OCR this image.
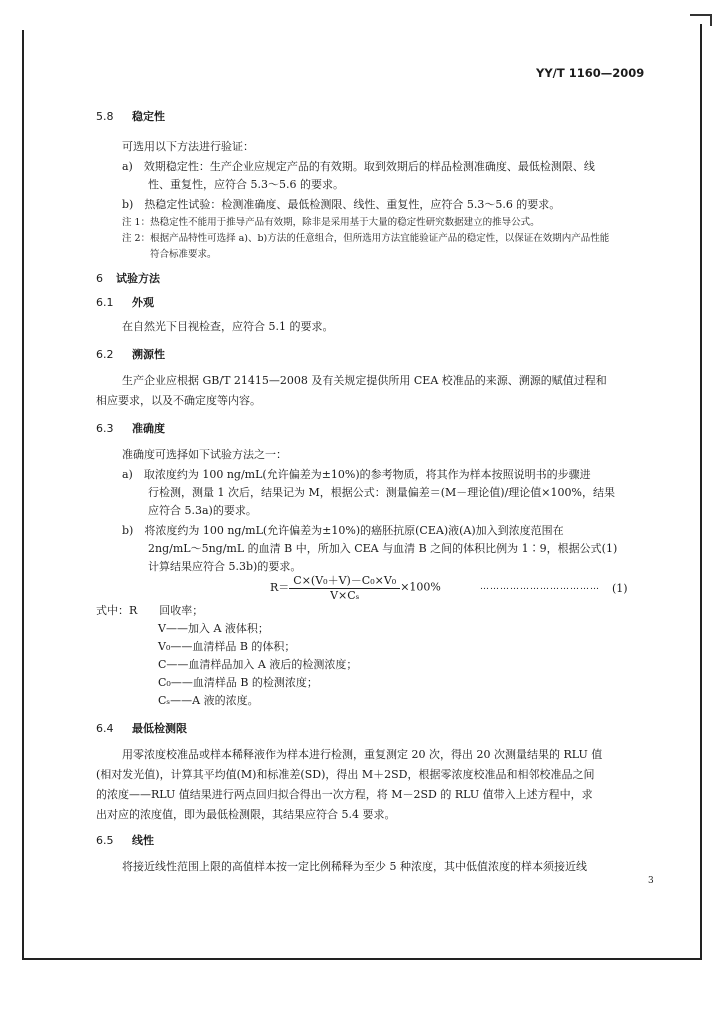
YY/T 1160—2009
5.8 稳定性
可选用以下方法进行验证：
a)　效期稳定性：生产企业应规定产品的有效期。取到效期后的样品检测准确度、最低检测限、线
性、重复性，应符合 5.3～5.6 的要求。
b)　热稳定性试验：检测准确度、最低检测限、线性、重复性，应符合 5.3～5.6 的要求。
注 1：热稳定性不能用于推导产品有效期，除非是采用基于大量的稳定性研究数据建立的推导公式。
注 2：根据产品特性可选择 a)、b)方法的任意组合，但所选用方法宜能验证产品的稳定性，以保证在效期内产品性能
符合标准要求。
6 试验方法
6.1 外观
在自然光下目视检查，应符合 5.1 的要求。
6.2 溯源性
生产企业应根据 GB/T 21415—2008 及有关规定提供所用 CEA 校准品的来源、溯源的赋值过程和
相应要求，以及不确定度等内容。
6.3 准确度
准确度可选择如下试验方法之一：
a)　取浓度约为 100 ng/mL(允许偏差为±10%)的参考物质，将其作为样本按照说明书的步骤进
行检测，测量 1 次后，结果记为 M，根据公式：测量偏差＝(M－理论值)/理论值×100%，结果
应符合 5.3a)的要求。
b)　将浓度约为 100 ng/mL(允许偏差为±10%)的癌胚抗原(CEA)液(A)加入到浓度范围在
2ng/mL～5ng/mL 的血清 B 中，所加入 CEA 与血清 B 之间的体积比例为 1∶9，根据公式(1)
计算结果应符合 5.3b)的要求。
$R= \frac{\text{C×(V₀＋V)－C₀×V₀}}{\text{V×Cₛ}} \times 100\%$	……………………………… (1)
式中：R　　回收率；
V——加入 A 液体积；
V₀——血清样品 B 的体积；
C——血清样品加入 A 液后的检测浓度；
C₀——血清样品 B 的检测浓度；
Cₛ——A 液的浓度。
6.4 最低检测限
用零浓度校准品或样本稀释液作为样本进行检测，重复测定 20 次，得出 20 次测量结果的 RLU 值
(相对发光值)，计算其平均值(M)和标准差(SD)，得出 M＋2SD，根据零浓度校准品和相邻校准品之间
的浓度——RLU 值结果进行两点回归拟合得出一次方程，将 M－2SD 的 RLU 值带入上述方程中，求
出对应的浓度值，即为最低检测限，其结果应符合 5.4 要求。
6.5 线性
将接近线性范围上限的高值样本按一定比例稀释为至少 5 种浓度，其中低值浓度的样本须接近线
3
